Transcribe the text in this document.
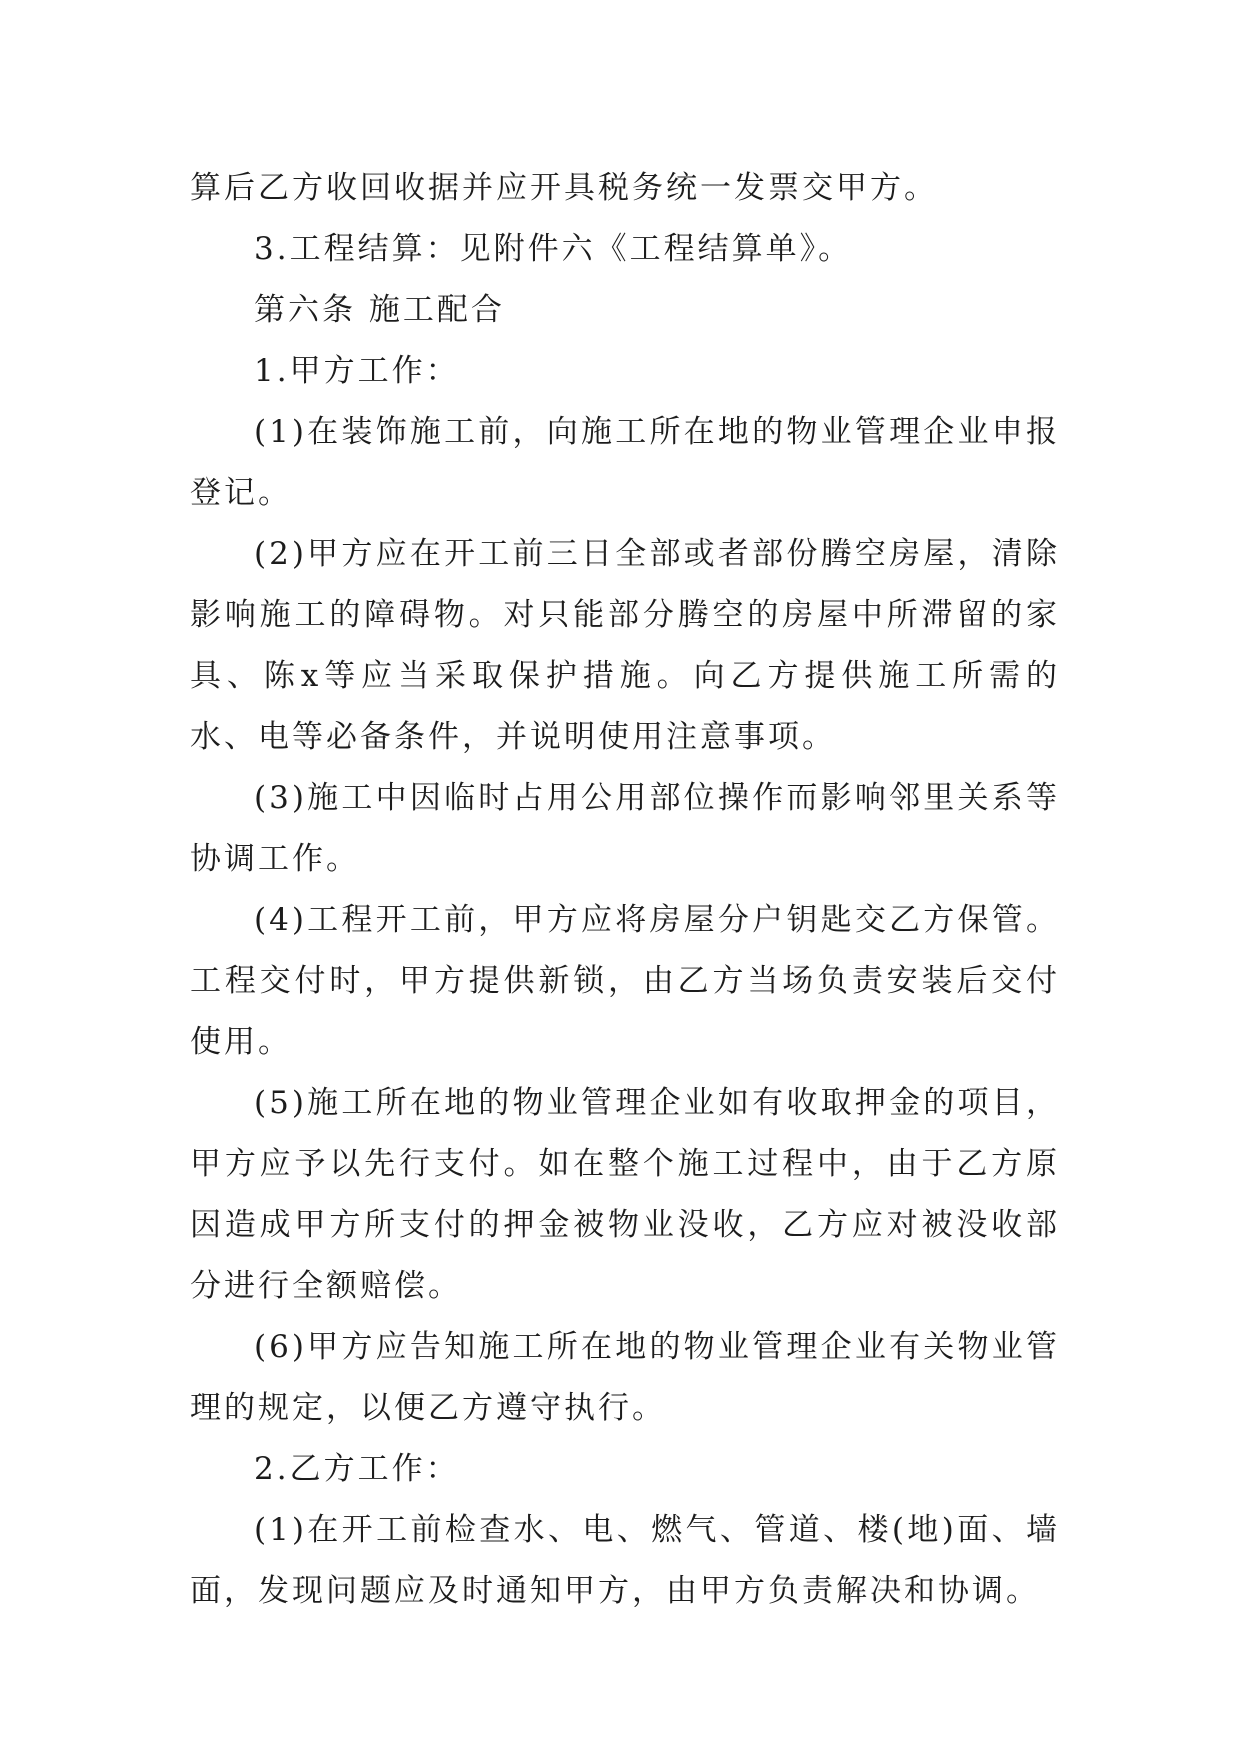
算后乙方收回收据并应开具税务统一发票交甲方。

3.工程结算：见附件六《工程结算单》。

第六条 施工配合

1.甲方工作：

(1)在装饰施工前，向施工所在地的物业管理企业申报登记。

(2)甲方应在开工前三日全部或者部份腾空房屋，清除影响施工的障碍物。对只能部分腾空的房屋中所滞留的家具、陈x等应当采取保护措施。向乙方提供施工所需的水、电等必备条件，并说明使用注意事项。

(3)施工中因临时占用公用部位操作而影响邻里关系等协调工作。

(4)工程开工前，甲方应将房屋分户钥匙交乙方保管。工程交付时，甲方提供新锁，由乙方当场负责安装后交付使用。

(5)施工所在地的物业管理企业如有收取押金的项目，甲方应予以先行支付。如在整个施工过程中，由于乙方原因造成甲方所支付的押金被物业没收，乙方应对被没收部分进行全额赔偿。

(6)甲方应告知施工所在地的物业管理企业有关物业管理的规定，以便乙方遵守执行。

2.乙方工作：

(1)在开工前检查水、电、燃气、管道、楼(地)面、墙面，发现问题应及时通知甲方，由甲方负责解决和协调。
